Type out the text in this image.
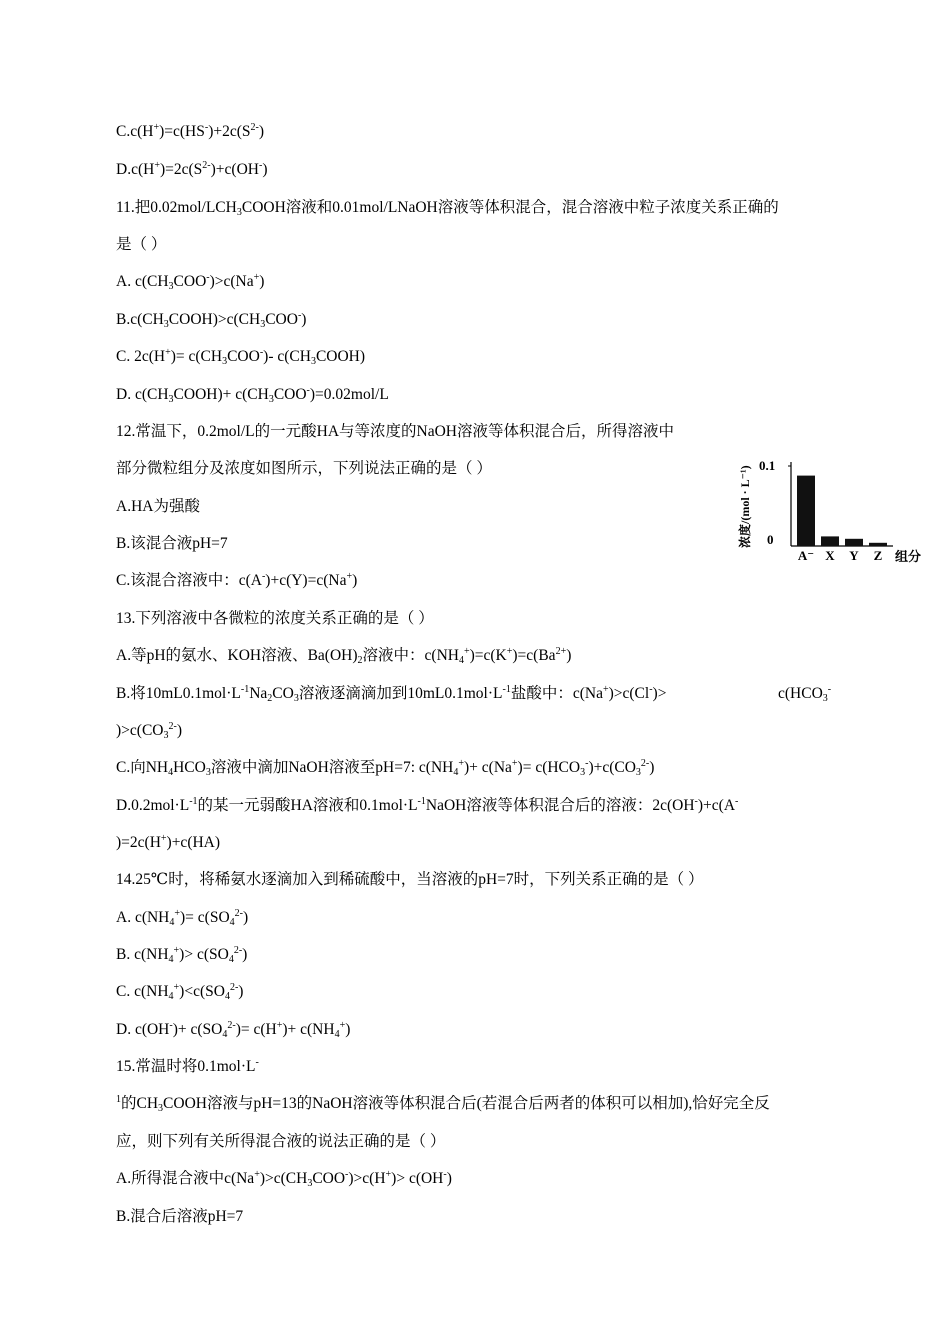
$C.c(H^+)=c(HS^-)+2c(S^{2-})$
$D.c(H^+)=2c(S^{2-})+c(OH^-)$
11.把$0.02mol/LCH_3COOH$溶液和0.01mol/LNaOH溶液等体积混合，混合溶液中粒子浓度关系正确的
是（ ）
A. $c(CH_3COO^-)>c(Na^+)$
$B.c(CH_3COOH)>c(CH_3COO^-)$
C. $2c(H^+)= c(CH_3COO^-)-$ $c(CH_3COOH)$
D. $c(CH_3COOH)+ c(CH_3COO^-)=0.02mol/L$
12.常温下，0.2mol/L的一元酸HA与等浓度的NaOH溶液等体积混合后，所得溶液中
部分微粒组分及浓度如图所示，下列说法正确的是（ ）
A.HA为强酸
B.该混合液pH=7
C.该混合溶液中：c(A-)+c(Y)=c(Na+)
0.1
0
浓度/(mol · L⁻¹)
组分
A⁻ X Y Z
13.下列溶液中各微粒的浓度关系正确的是（ ）
A.等pH的氨水、KOH溶液、$Ba(OH)_2$溶液中：$c(NH_4^+)=c(K^+)=c(Ba^{2+})$
B.将$10mL0.1mol\cdot L^{-1}Na_2CO_3$溶液逐滴滴加到$10mL0.1mol\cdot L^{-1}$盐酸中：c(Na+)>c(Cl-)>	$c(HCO_3^-$
)$>c(CO_3^{2-})$
C.向$NH_4HCO_3$溶液中滴加NaOH溶液至pH=7: $c(NH_4^+)+ c(Na^+)= c(HCO_3^-)+c(CO_3^{2-})$
$D.0.2mol\cdot L^{-1}$的某一元弱酸HA溶液和$0.1mol\cdot L^{-1}NaOH$溶液等体积混合后的溶液：2c(OH-)+c(A-
)=2c(H+)+c(HA)
14.25℃时，将稀氨水逐滴加入到稀硫酸中，当溶液的pH=7时，下列关系正确的是（ ）
A. $c(NH_4^+)= c(SO_4^{2-})$
B. $c(NH_4^+)> c(SO_4^{2-})$
C. $c(NH_4^+)<c(SO_4^{2-})$
D. $c(OH^-)+ c(SO_4^{2-})= c(H^+)+ c(NH_4^+)$
15.常温时将0.1mol·L-
$^1$的$CH_3COOH$溶液与pH=13的NaOH溶液等体积混合后(若混合后两者的体积可以相加),恰好完全反
应，则下列有关所得混合液的说法正确的是（ ）
A.所得混合液中$c(Na^+)>c(CH_3COO^-)>c(H^+)> c(OH^-)$
B.混合后溶液pH=7
